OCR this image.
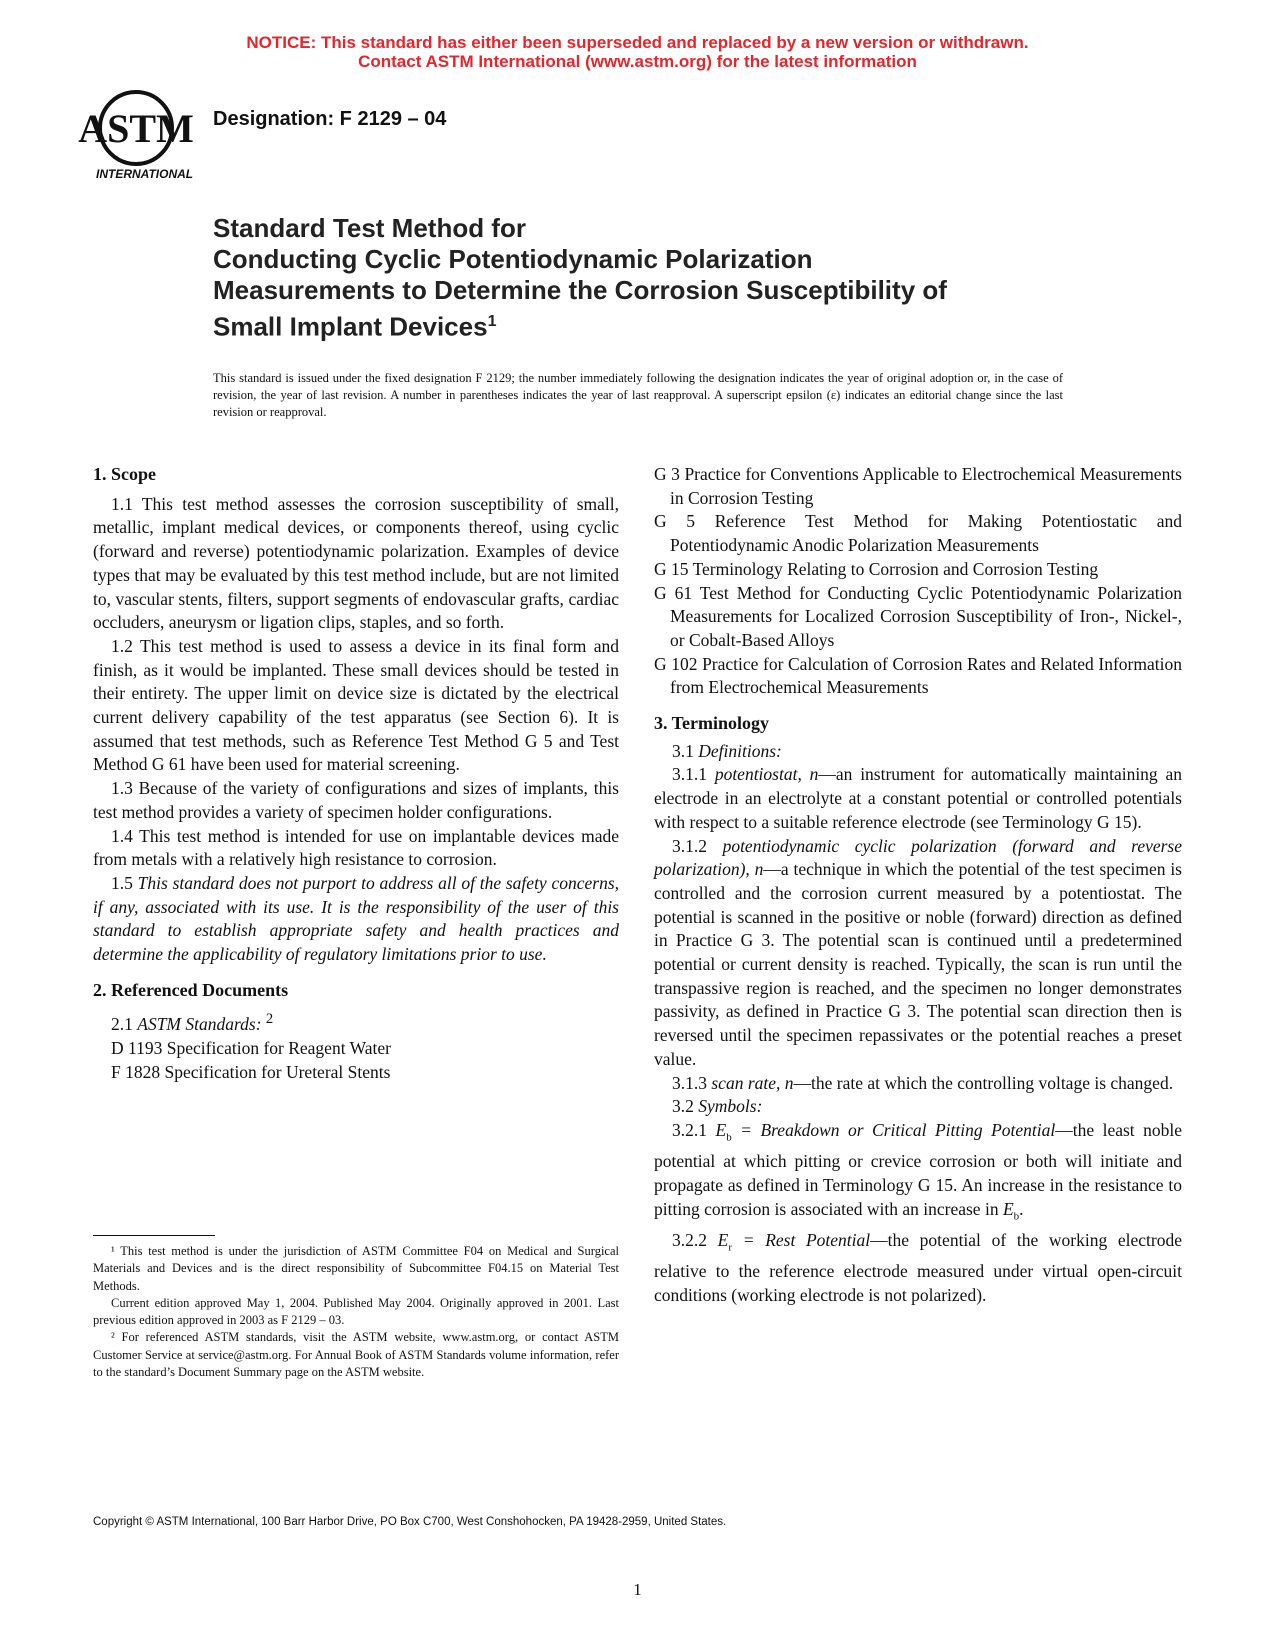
NOTICE: This standard has either been superseded and replaced by a new version or withdrawn.
Contact ASTM International (www.astm.org) for the latest information
ASTM
INTERNATIONAL
Designation: F 2129 – 04
Standard Test Method for
Conducting Cyclic Potentiodynamic Polarization
Measurements to Determine the Corrosion Susceptibility of
Small Implant Devices$^1$
This standard is issued under the fixed designation F 2129; the number immediately following the designation indicates the year of original adoption or, in the case of revision, the year of last revision. A number in parentheses indicates the year of last reapproval. A superscript epsilon (ε) indicates an editorial change since the last revision or reapproval.
1. Scope

1.1 This test method assesses the corrosion susceptibility of small, metallic, implant medical devices, or components thereof, using cyclic (forward and reverse) potentiodynamic polarization. Examples of device types that may be evaluated by this test method include, but are not limited to, vascular stents, filters, support segments of endovascular grafts, cardiac occluders, aneurysm or ligation clips, staples, and so forth.

1.2 This test method is used to assess a device in its final form and finish, as it would be implanted. These small devices should be tested in their entirety. The upper limit on device size is dictated by the electrical current delivery capability of the test apparatus (see Section 6). It is assumed that test methods, such as Reference Test Method G 5 and Test Method G 61 have been used for material screening.

1.3 Because of the variety of configurations and sizes of implants, this test method provides a variety of specimen holder configurations.

1.4 This test method is intended for use on implantable devices made from metals with a relatively high resistance to corrosion.

1.5 This standard does not purport to address all of the safety concerns, if any, associated with its use. It is the responsibility of the user of this standard to establish appropriate safety and health practices and determine the applicability of regulatory limitations prior to use.

2. Referenced Documents

2.1 ASTM Standards: $^2$

D 1193 Specification for Reagent Water

F 1828 Specification for Ureteral Stents

¹ This test method is under the jurisdiction of ASTM Committee F04 on Medical and Surgical Materials and Devices and is the direct responsibility of Subcommittee F04.15 on Material Test Methods.

Current edition approved May 1, 2004. Published May 2004. Originally approved in 2001. Last previous edition approved in 2003 as F 2129 – 03.

² For referenced ASTM standards, visit the ASTM website, www.astm.org, or contact ASTM Customer Service at service@astm.org. For Annual Book of ASTM Standards volume information, refer to the standard’s Document Summary page on the ASTM website.

G 3 Practice for Conventions Applicable to Electrochemical Measurements in Corrosion Testing

G 5 Reference Test Method for Making Potentiostatic and Potentiodynamic Anodic Polarization Measurements

G 15 Terminology Relating to Corrosion and Corrosion Testing

G 61 Test Method for Conducting Cyclic Potentiodynamic Polarization Measurements for Localized Corrosion Susceptibility of Iron-, Nickel-, or Cobalt-Based Alloys

G 102 Practice for Calculation of Corrosion Rates and Related Information from Electrochemical Measurements

3. Terminology

3.1 Definitions:

3.1.1 potentiostat, n—an instrument for automatically maintaining an electrode in an electrolyte at a constant potential or controlled potentials with respect to a suitable reference electrode (see Terminology G 15).

3.1.2 potentiodynamic cyclic polarization (forward and reverse polarization), n—a technique in which the potential of the test specimen is controlled and the corrosion current measured by a potentiostat. The potential is scanned in the positive or noble (forward) direction as defined in Practice G 3. The potential scan is continued until a predetermined potential or current density is reached. Typically, the scan is run until the transpassive region is reached, and the specimen no longer demonstrates passivity, as defined in Practice G 3. The potential scan direction then is reversed until the specimen repassivates or the potential reaches a preset value.

3.1.3 scan rate, n—the rate at which the controlling voltage is changed.

3.2 Symbols:

3.2.1 $E_b$ = Breakdown or Critical Pitting Potential—the least noble potential at which pitting or crevice corrosion or both will initiate and propagate as defined in Terminology G 15. An increase in the resistance to pitting corrosion is associated with an increase in $E_b$.

3.2.2 $E_r$ = Rest Potential—the potential of the working electrode relative to the reference electrode measured under virtual open-circuit conditions (working electrode is not polarized).

Copyright © ASTM International, 100 Barr Harbor Drive, PO Box C700, West Conshohocken, PA 19428-2959, United States.
1
